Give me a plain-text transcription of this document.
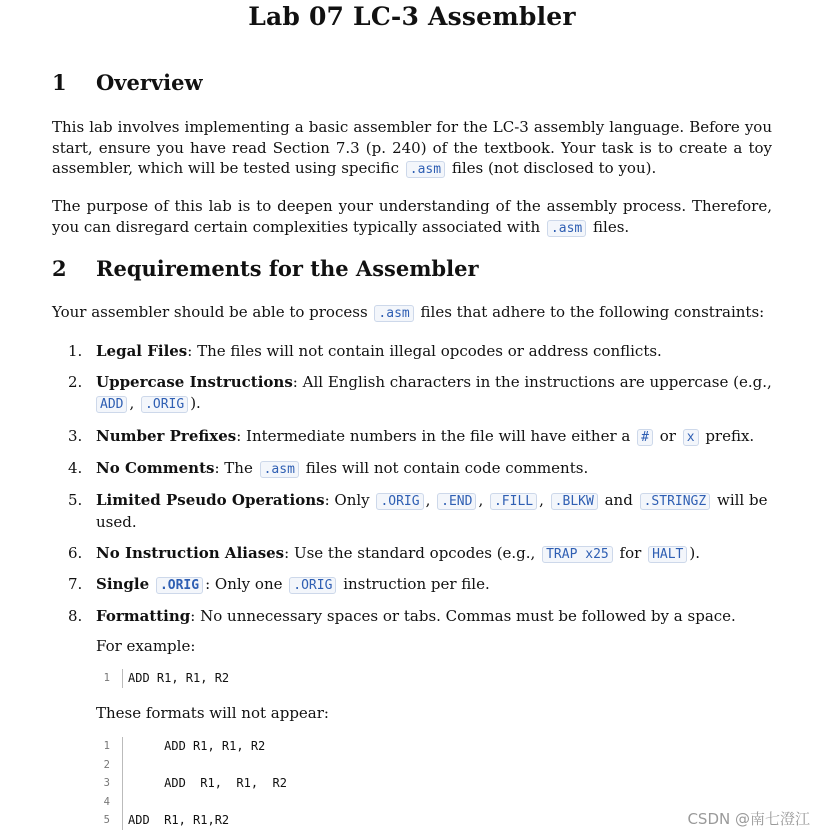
Lab 07 LC-3 Assembler
1 Overview

This lab involves implementing a basic assembler for the LC-3 assembly language. Before you start, ensure you have read Section 7.3 (p. 240) of the textbook. Your task is to create a toy assembler, which will be tested using specific .asm files (not disclosed to you).

The purpose of this lab is to deepen your understanding of the assembly process. Therefore, you can disregard certain complexities typically associated with .asm files.

2 Requirements for the Assembler

Your assembler should be able to process .asm files that adhere to the following constraints:

1. Legal Files: The files will not contain illegal opcodes or address conflicts.
2. Uppercase Instructions: All English characters in the instructions are uppercase (e.g.,
ADD , .ORIG ).
3. Number Prefixes: Intermediate numbers in the file will have either a # or x prefix.
4. No Comments: The .asm files will not contain code comments.
5. Limited Pseudo Operations: Only .ORIG , .END , .FILL , .BLKW and .STRINGZ will be used.
6. No Instruction Aliases: Use the standard opcodes (e.g., TRAP x25 for HALT ).
7. Single .ORIG : Only one .ORIG instruction per file.
8. Formatting: No unnecessary spaces or tabs. Commas must be followed by a space.

For example:

1 ADD R1, R1, R2

These formats will not appear:

1 ADD R1, R1, R2
2
3 ADD  R1,  R1,  R2
4
5 ADD  R1, R1,R2	CSDN @南七澄江
